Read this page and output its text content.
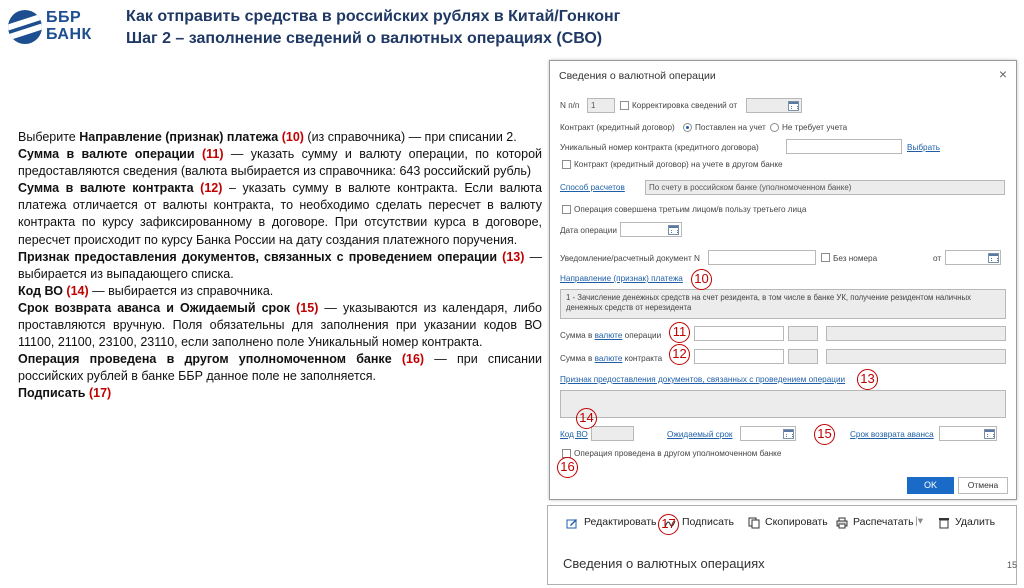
ББР
БАНК
Как отправить средства в российских рублях в Китай/Гонконг
Шаг 2 – заполнение сведений о валютных операциях (СВО)

Выберите Направление (признак) платежа (10) (из справочника) — при списании 2.

Сумма в валюте операции (11) — указать сумму и валюту операции, по которой предоставляются сведения (валюта выбирается из справочника: 643 российский рубль)

Сумма в валюте контракта (12) – указать сумму в валюте контракта. Если валюта платежа отличается от валюты контракта, то необходимо сделать пересчет в валюту контракта по курсу зафиксированному в договоре. При отсутствии курса в договоре, пересчет происходит по курсу Банка России на дату создания платежного поручения.

Признак предоставления документов, связанных с проведением операции (13) — выбирается из выпадающего списка.

Код ВО (14) — выбирается из справочника.

Срок возврата аванса и Ожидаемый срок (15) — указываются из календаря, либо проставляются вручную. Поля обязательны для заполнения при указании кодов ВО 11100, 21100, 23100, 23110, если заполнено поле Уникальный номер контракта.

Операция проведена в другом уполномоченном банке (16) — при списании российских рублей в банке ББР данное поле не заполняется.

Подписать (17)

Сведения о валютной операции	×
N п/п	1	Корректировка сведений от
Контракт (кредитный договор) Поставлен на учет Не требует учета
Уникальный номер контракта (кредитного договора)	Выбрать
Контракт (кредитный договор) на учете в другом банке
Способ расчетов	По счету в российском банке (уполномоченном банке)
Операция совершена третьим лицом/в пользу третьего лица
Дата операции
Уведомление/расчетный документ N	Без номера	от
Направление (признак) платежа
1 - Зачисление денежных средств на счет резидента, в том числе в банке УК, получение резидентом наличных денежных средств от нерезидента
Сумма в валюте операции
Сумма в валюте контракта
Признак предоставления документов, связанных с проведением операции
Код ВО	Ожидаемый срок	Срок возврата аванса
Операция проведена в другом уполномоченном банке
OK	Отмена
10
11
12
13
14
15
16
Редактировать Подписать
17	Скопировать Распечатать |▾	Удалить
Сведения о валютных операциях	15
